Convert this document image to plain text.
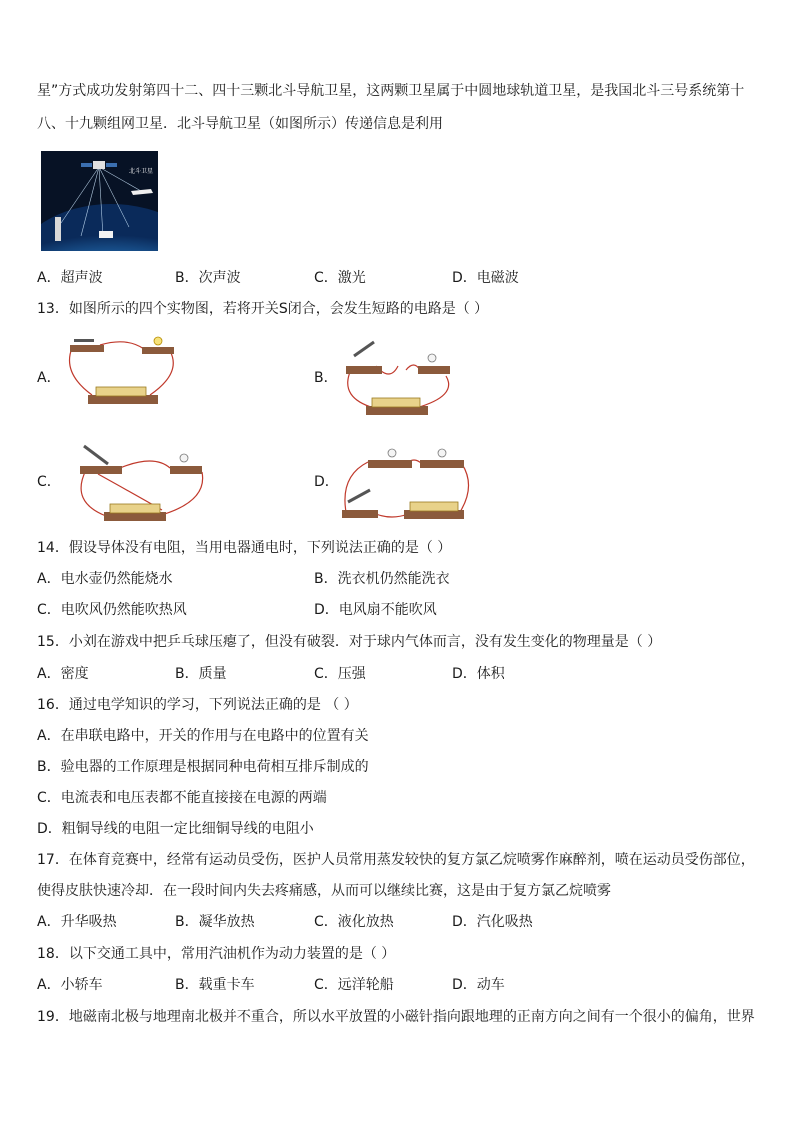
星”方式成功发射第四十二、四十三颗北斗导航卫星，这两颗卫星属于中圆地球轨道卫星，是我国北斗三号系统第十
八、十九颗组网卫星．北斗导航卫星（如图所示）传递信息是利用
北斗卫星
A．超声波	B．次声波	C．激光	D．电磁波
13．如图所示的四个实物图，若将开关S闭合，会发生短路的电路是（ ）
A．	B．
C．	D．
14．假设导体没有电阻，当用电器通电时，下列说法正确的是（ ）
A．电水壶仍然能烧水	B．洗衣机仍然能洗衣
C．电吹风仍然能吹热风	D．电风扇不能吹风
15．小刘在游戏中把乒乓球压瘪了，但没有破裂．对于球内气体而言，没有发生变化的物理量是（ ）
A．密度	B．质量	C．压强	D．体积
16．通过电学知识的学习，下列说法正确的是 （ ）
A．在串联电路中，开关的作用与在电路中的位置有关
B．验电器的工作原理是根据同种电荷相互排斥制成的
C．电流表和电压表都不能直接接在电源的两端
D．粗铜导线的电阻一定比细铜导线的电阻小
17．在体育竞赛中，经常有运动员受伤，医护人员常用蒸发较快的复方氯乙烷喷雾作麻醉剂，喷在运动员受伤部位，
使得皮肤快速冷却．在一段时间内失去疼痛感，从而可以继续比赛，这是由于复方氯乙烷喷雾
A．升华吸热	B．凝华放热	C．液化放热	D．汽化吸热
18．以下交通工具中，常用汽油机作为动力装置的是（ ）
A．小轿车	B．载重卡车	C．远洋轮船	D．动车
19．地磁南北极与地理南北极并不重合，所以水平放置的小磁针指向跟地理的正南方向之间有一个很小的偏角，世界
